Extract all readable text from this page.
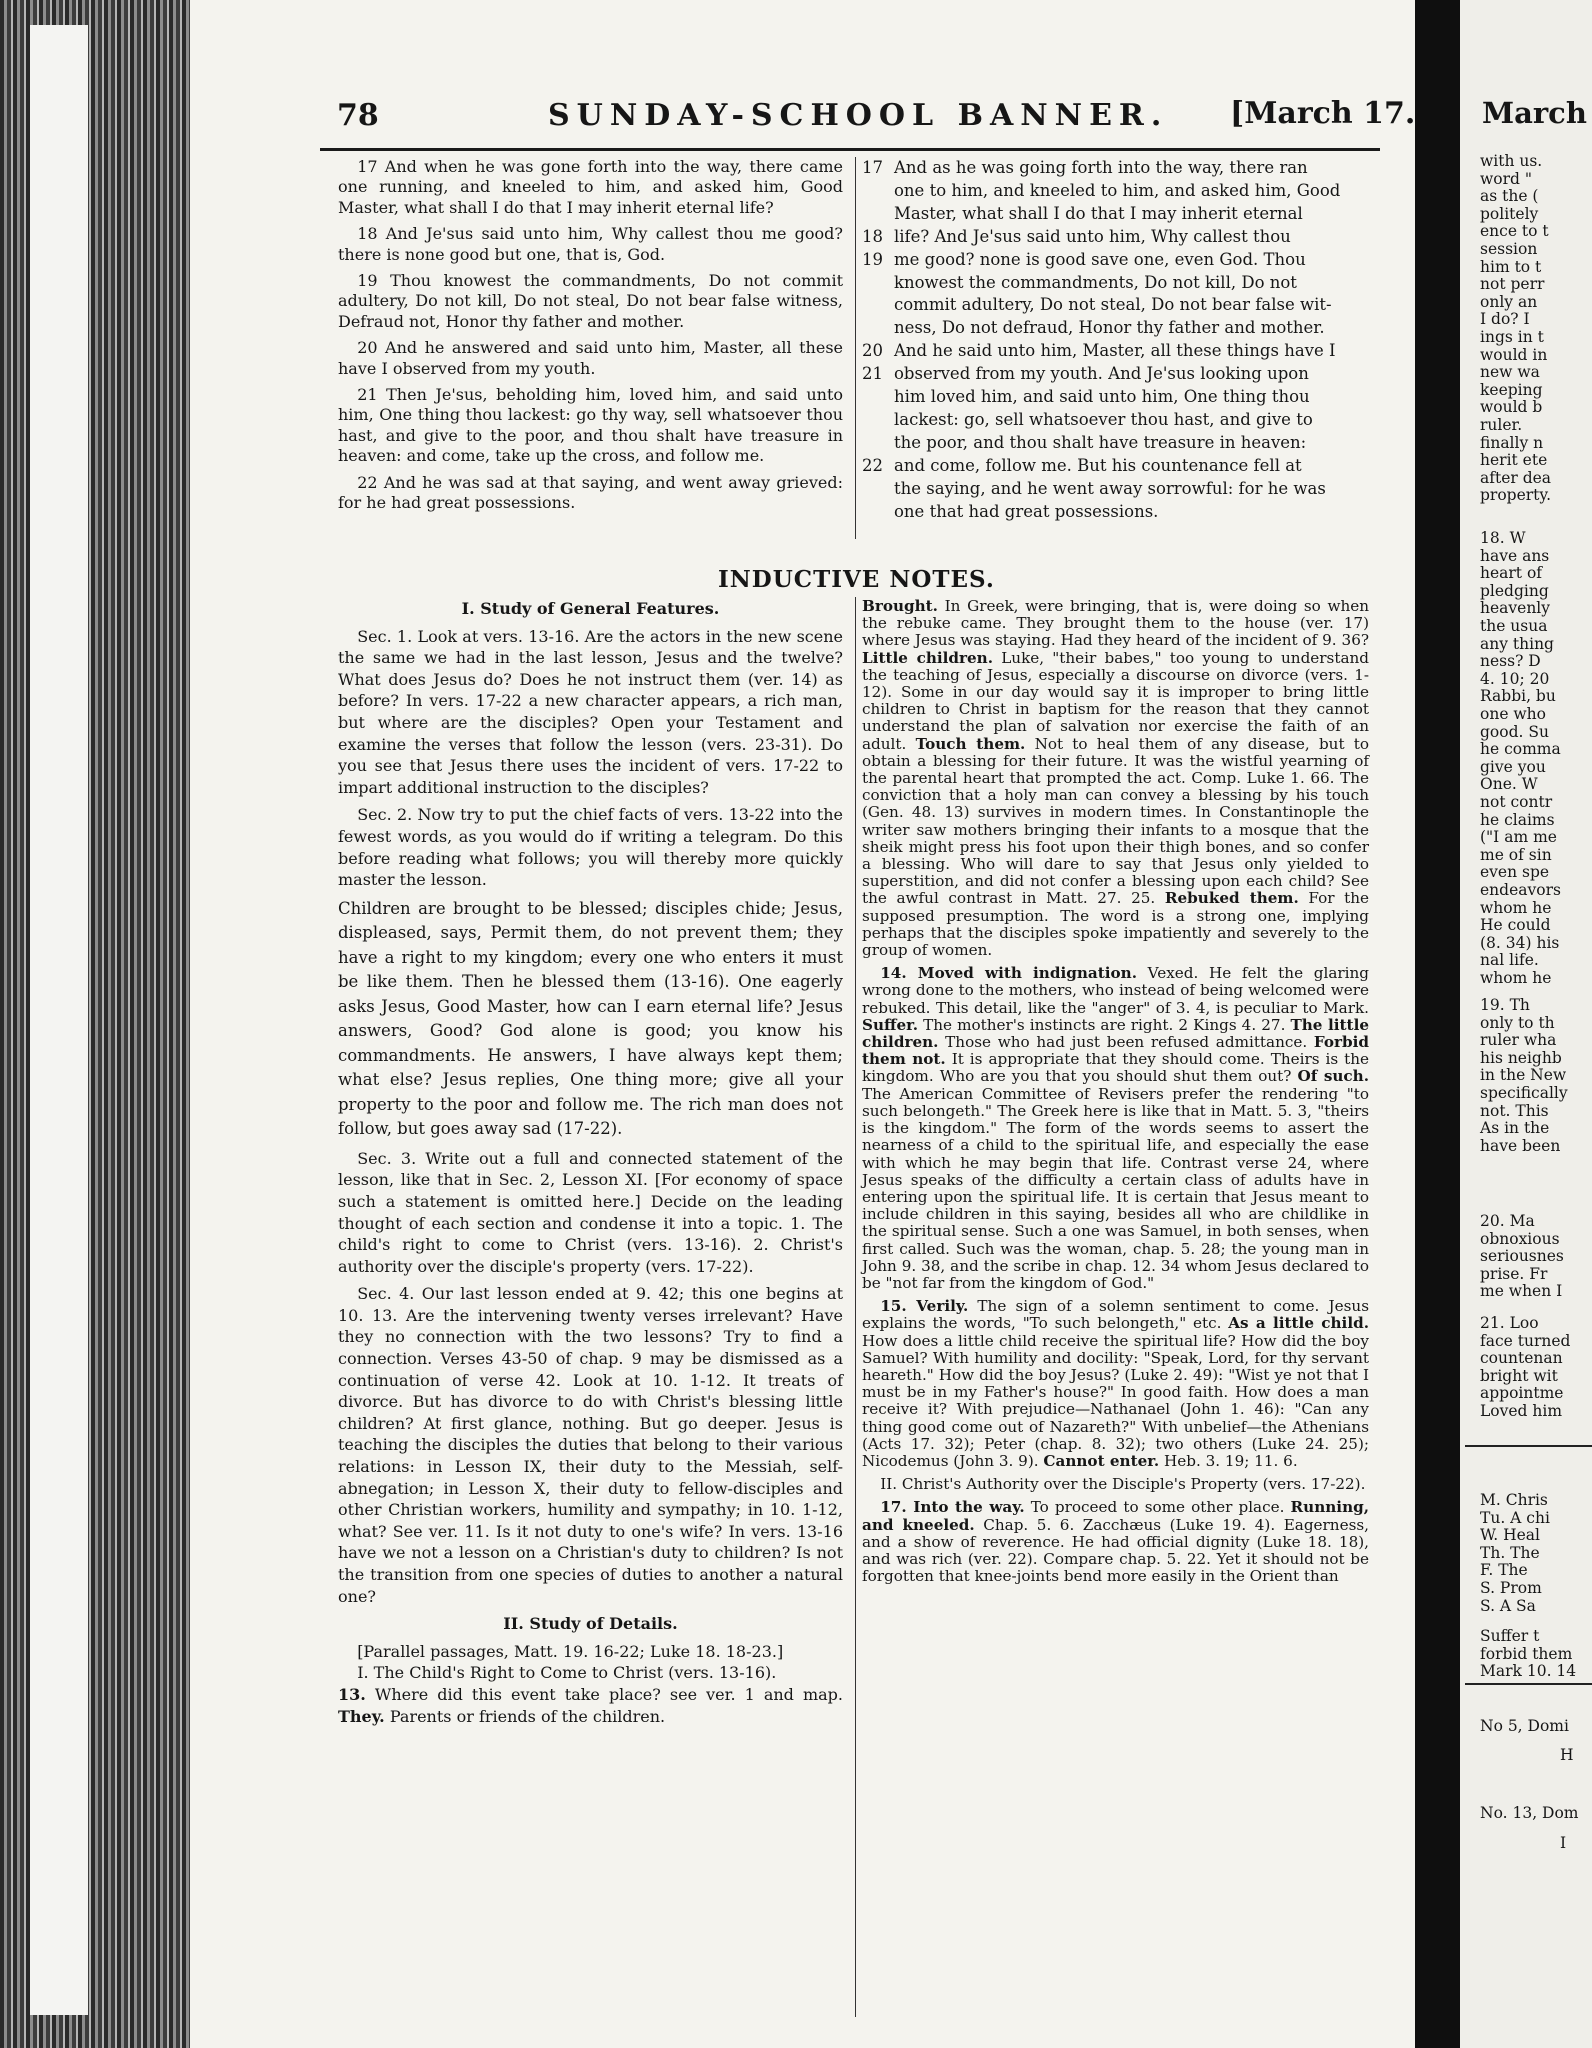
March
with us.
word "
as the (
politely
ence to t
session
him to t
not perr
only an
I do? I
ings in t
would in
new wa
keeping
would b
ruler.
finally n
herit ete
after dea
property.
18. W
have ans
heart of
pledging
heavenly
the usua
any thing
ness? D
4. 10; 20
Rabbi, bu
one who
good. Su
he comma
give you
One. W
not contr
he claims
("I am me
me of sin
even spe
endeavors
whom he
He could
(8. 34) his
nal life.
whom he
19. Th
only to th
ruler wha
his neighb
in the New
specifically
not. This
As in the
have been
20. Ma
obnoxious
seriousnes
prise. Fr
me when I
21. Loo
face turned
countenan
bright wit
appointme
Loved him
M. Chris
Tu. A chi
W. Heal
Th. The
F. The
S. Prom
S. A Sa
Suffer t
forbid them
Mark 10. 14
No 5, Domi
H
No. 13, Dom
I
78	SUNDAY-SCHOOL BANNER. [March 17.

17 And when he was gone forth into the way, there came one running, and kneeled to him, and asked him, Good Master, what shall I do that I may inherit eternal life?

18 And Je'sus said unto him, Why callest thou me good? there is none good but one, that is, God.

19 Thou knowest the commandments, Do not commit adultery, Do not kill, Do not steal, Do not bear false witness, Defraud not, Honor thy father and mother.

20 And he answered and said unto him, Master, all these have I observed from my youth.

21 Then Je'sus, beholding him, loved him, and said unto him, One thing thou lackest: go thy way, sell whatsoever thou hast, and give to the poor, and thou shalt have treasure in heaven: and come, take up the cross, and follow me.

22 And he was sad at that saying, and went away grieved: for he had great possessions.

17 And as he was going forth into the way, there ran
one to him, and kneeled to him, and asked him, Good
Master, what shall I do that I may inherit eternal
18 life? And Je'sus said unto him, Why callest thou
19 me good? none is good save one, even God. Thou
knowest the commandments, Do not kill, Do not
commit adultery, Do not steal, Do not bear false wit-
ness, Do not defraud, Honor thy father and mother.
20 And he said unto him, Master, all these things have I
21 observed from my youth. And Je'sus looking upon
him loved him, and said unto him, One thing thou
lackest: go, sell whatsoever thou hast, and give to
the poor, and thou shalt have treasure in heaven:
22 and come, follow me. But his countenance fell at
the saying, and he went away sorrowful: for he was
one that had great possessions.
INDUCTIVE NOTES.

I. Study of General Features.

Sec. 1. Look at vers. 13-16. Are the actors in the new scene the same we had in the last lesson, Jesus and the twelve? What does Jesus do? Does he not instruct them (ver. 14) as before? In vers. 17-22 a new character appears, a rich man, but where are the disciples? Open your Testament and examine the verses that follow the lesson (vers. 23-31). Do you see that Jesus there uses the incident of vers. 17-22 to impart additional instruction to the disciples?

Sec. 2. Now try to put the chief facts of vers. 13-22 into the fewest words, as you would do if writing a telegram. Do this before reading what follows; you will thereby more quickly master the lesson.

Children are brought to be blessed; disciples chide; Jesus, displeased, says, Permit them, do not prevent them; they have a right to my kingdom; every one who enters it must be like them. Then he blessed them (13-16). One eagerly asks Jesus, Good Master, how can I earn eternal life? Jesus answers, Good? God alone is good; you know his commandments. He answers, I have always kept them; what else? Jesus replies, One thing more; give all your property to the poor and follow me. The rich man does not follow, but goes away sad (17-22).

Sec. 3. Write out a full and connected statement of the lesson, like that in Sec. 2, Lesson XI. [For economy of space such a statement is omitted here.] Decide on the leading thought of each section and condense it into a topic. 1. The child's right to come to Christ (vers. 13-16). 2. Christ's authority over the disciple's property (vers. 17-22).

Sec. 4. Our last lesson ended at 9. 42; this one begins at 10. 13. Are the intervening twenty verses irrelevant? Have they no connection with the two lessons? Try to find a connection. Verses 43-50 of chap. 9 may be dismissed as a continuation of verse 42. Look at 10. 1-12. It treats of divorce. But has divorce to do with Christ's blessing little children? At first glance, nothing. But go deeper. Jesus is teaching the disciples the duties that belong to their various relations: in Lesson IX, their duty to the Messiah, self-abnegation; in Lesson X, their duty to fellow-disciples and other Christian workers, humility and sympathy; in 10. 1-12, what? See ver. 11. Is it not duty to one's wife? In vers. 13-16 have we not a lesson on a Christian's duty to children? Is not the transition from one species of duties to another a natural one?

II. Study of Details.

[Parallel passages, Matt. 19. 16-22; Luke 18. 18-23.]

I. The Child's Right to Come to Christ (vers. 13-16).

13. Where did this event take place? see ver. 1 and map. They. Parents or friends of the children.

Brought. In Greek, were bringing, that is, were doing so when the rebuke came. They brought them to the house (ver. 17) where Jesus was staying. Had they heard of the incident of 9. 36? Little children. Luke, "their babes," too young to understand the teaching of Jesus, especially a discourse on divorce (vers. 1-12). Some in our day would say it is improper to bring little children to Christ in baptism for the reason that they cannot understand the plan of salvation nor exercise the faith of an adult. Touch them. Not to heal them of any disease, but to obtain a blessing for their future. It was the wistful yearning of the parental heart that prompted the act. Comp. Luke 1. 66. The conviction that a holy man can convey a blessing by his touch (Gen. 48. 13) survives in modern times. In Constantinople the writer saw mothers bringing their infants to a mosque that the sheik might press his foot upon their thigh bones, and so confer a blessing. Who will dare to say that Jesus only yielded to superstition, and did not confer a blessing upon each child? See the awful contrast in Matt. 27. 25. Rebuked them. For the supposed presumption. The word is a strong one, implying perhaps that the disciples spoke impatiently and severely to the group of women.

14. Moved with indignation. Vexed. He felt the glaring wrong done to the mothers, who instead of being welcomed were rebuked. This detail, like the "anger" of 3. 4, is peculiar to Mark. Suffer. The mother's instincts are right. 2 Kings 4. 27. The little children. Those who had just been refused admittance. Forbid them not. It is appropriate that they should come. Theirs is the kingdom. Who are you that you should shut them out? Of such. The American Committee of Revisers prefer the rendering "to such belongeth." The Greek here is like that in Matt. 5. 3, "theirs is the kingdom." The form of the words seems to assert the nearness of a child to the spiritual life, and especially the ease with which he may begin that life. Contrast verse 24, where Jesus speaks of the difficulty a certain class of adults have in entering upon the spiritual life. It is certain that Jesus meant to include children in this saying, besides all who are childlike in the spiritual sense. Such a one was Samuel, in both senses, when first called. Such was the woman, chap. 5. 28; the young man in John 9. 38, and the scribe in chap. 12. 34 whom Jesus declared to be "not far from the kingdom of God."

15. Verily. The sign of a solemn sentiment to come. Jesus explains the words, "To such belongeth," etc. As a little child. How does a little child receive the spiritual life? How did the boy Samuel? With humility and docility: "Speak, Lord, for thy servant heareth." How did the boy Jesus? (Luke 2. 49): "Wist ye not that I must be in my Father's house?" In good faith. How does a man receive it? With prejudice—Nathanael (John 1. 46): "Can any thing good come out of Nazareth?" With unbelief—the Athenians (Acts 17. 32); Peter (chap. 8. 32); two others (Luke 24. 25); Nicodemus (John 3. 9). Cannot enter. Heb. 3. 19; 11. 6.

II. Christ's Authority over the Disciple's Property (vers. 17-22).

17. Into the way. To proceed to some other place. Running, and kneeled. Chap. 5. 6. Zacchæus (Luke 19. 4). Eagerness, and a show of reverence. He had official dignity (Luke 18. 18), and was rich (ver. 22). Compare chap. 5. 22. Yet it should not be forgotten that knee-joints bend more easily in the Orient than
